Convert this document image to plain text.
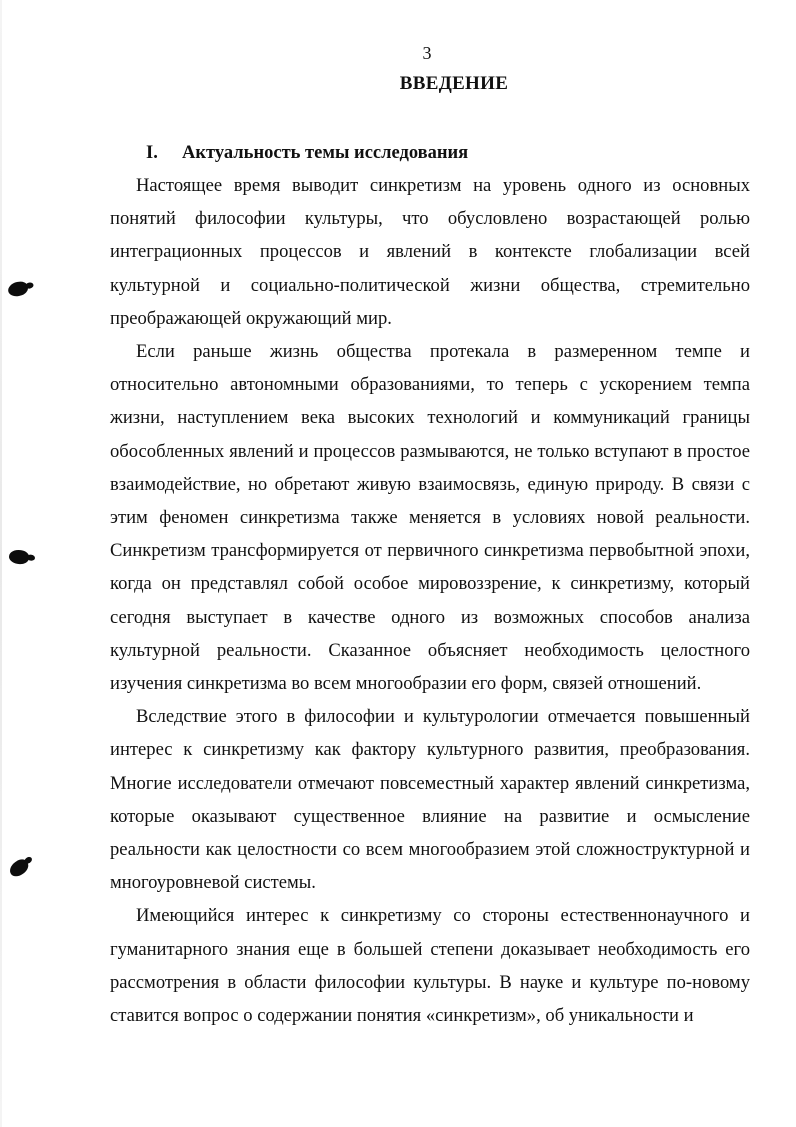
3
ВВЕДЕНИЕ
I. Актуальность темы исследования

Настоящее время выводит синкретизм на уровень одного из основных понятий философии культуры, что обусловлено возрастающей ролью интеграционных процессов и явлений в контексте глобализации всей культурной и социально-политической жизни общества, стремительно преображающей окружающий мир.

Если раньше жизнь общества протекала в размеренном темпе и относительно автономными образованиями, то теперь с ускорением темпа жизни, наступлением века высоких технологий и коммуникаций границы обособленных явлений и процессов размываются, не только вступают в простое взаимодействие, но обретают живую взаимосвязь, единую природу. В связи с этим феномен синкретизма также меняется в условиях новой реальности. Синкретизм трансформируется от первичного синкретизма первобытной эпохи, когда он представлял собой особое мировоззрение, к синкретизму, который сегодня выступает в качестве одного из возможных способов анализа культурной реальности. Сказанное объясняет необходимость целостного изучения синкретизма во всем многообразии его форм, связей отношений.

Вследствие этого в философии и культурологии отмечается повышенный интерес к синкретизму как фактору культурного развития, преобразования. Многие исследователи отмечают повсеместный характер явлений синкретизма, которые оказывают существенное влияние на развитие и осмысление реальности как целостности со всем многообразием этой сложноструктурной и многоуровневой системы.

Имеющийся интерес к синкретизму со стороны естественнонаучного и гуманитарного знания еще в большей степени доказывает необходимость его рассмотрения в области философии культуры. В науке и культуре по-новому ставится вопрос о содержании понятия «синкретизм», об уникальности и
